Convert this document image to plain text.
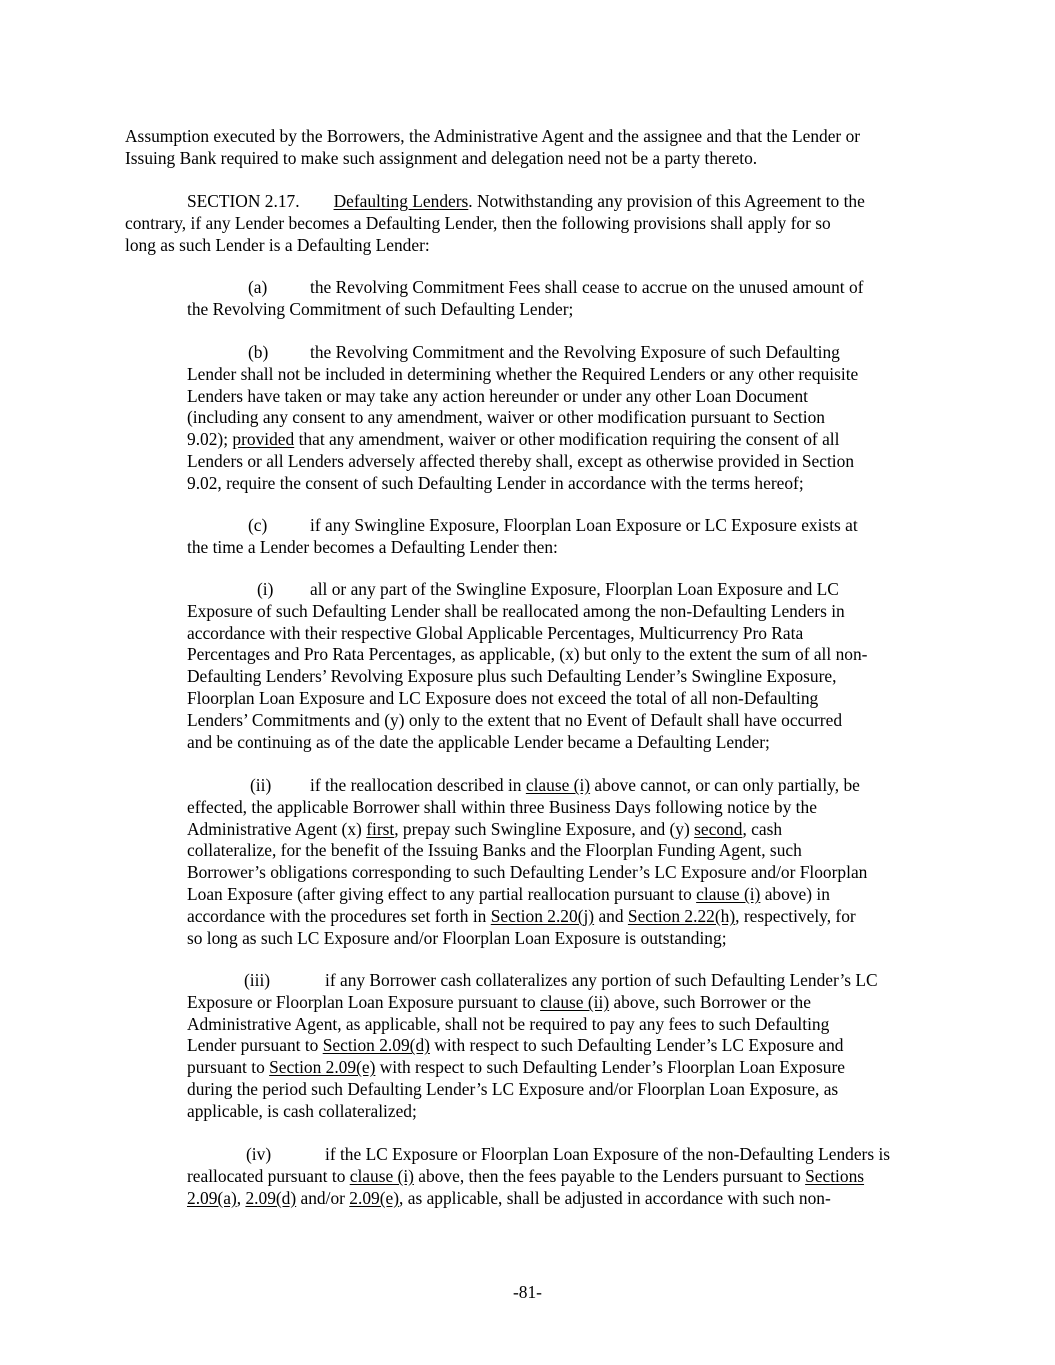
Assumption executed by the Borrowers, the Administrative Agent and the assignee and that the Lender or
Issuing Bank required to make such assignment and delegation need not be a party thereto.

SECTION 2.17. Defaulting Lenders. Notwithstanding any provision of this Agreement to the
contrary, if any Lender becomes a Defaulting Lender, then the following provisions shall apply for so
long as such Lender is a Defaulting Lender:

(a) the Revolving Commitment Fees shall cease to accrue on the unused amount of
the Revolving Commitment of such Defaulting Lender;

(b) the Revolving Commitment and the Revolving Exposure of such Defaulting
Lender shall not be included in determining whether the Required Lenders or any other requisite
Lenders have taken or may take any action hereunder or under any other Loan Document
(including any consent to any amendment, waiver or other modification pursuant to Section
9.02); provided that any amendment, waiver or other modification requiring the consent of all
Lenders or all Lenders adversely affected thereby shall, except as otherwise provided in Section
9.02, require the consent of such Defaulting Lender in accordance with the terms hereof;

(c) if any Swingline Exposure, Floorplan Loan Exposure or LC Exposure exists at
the time a Lender becomes a Defaulting Lender then:

(i) all or any part of the Swingline Exposure, Floorplan Loan Exposure and LC
Exposure of such Defaulting Lender shall be reallocated among the non-Defaulting Lenders in
accordance with their respective Global Applicable Percentages, Multicurrency Pro Rata
Percentages and Pro Rata Percentages, as applicable, (x) but only to the extent the sum of all non-
Defaulting Lenders’ Revolving Exposure plus such Defaulting Lender’s Swingline Exposure,
Floorplan Loan Exposure and LC Exposure does not exceed the total of all non-Defaulting
Lenders’ Commitments and (y) only to the extent that no Event of Default shall have occurred
and be continuing as of the date the applicable Lender became a Defaulting Lender;

(ii) if the reallocation described in clause (i) above cannot, or can only partially, be
effected, the applicable Borrower shall within three Business Days following notice by the
Administrative Agent (x) first, prepay such Swingline Exposure, and (y) second, cash
collateralize, for the benefit of the Issuing Banks and the Floorplan Funding Agent, such
Borrower’s obligations corresponding to such Defaulting Lender’s LC Exposure and/or Floorplan
Loan Exposure (after giving effect to any partial reallocation pursuant to clause (i) above) in
accordance with the procedures set forth in Section 2.20(j) and Section 2.22(h), respectively, for
so long as such LC Exposure and/or Floorplan Loan Exposure is outstanding;

(iii)	if any Borrower cash collateralizes any portion of such Defaulting Lender’s LC
Exposure or Floorplan Loan Exposure pursuant to clause (ii) above, such Borrower or the
Administrative Agent, as applicable, shall not be required to pay any fees to such Defaulting
Lender pursuant to Section 2.09(d) with respect to such Defaulting Lender’s LC Exposure and
pursuant to Section 2.09(e) with respect to such Defaulting Lender’s Floorplan Loan Exposure
during the period such Defaulting Lender’s LC Exposure and/or Floorplan Loan Exposure, as
applicable, is cash collateralized;

(iv)	if the LC Exposure or Floorplan Loan Exposure of the non-Defaulting Lenders is
reallocated pursuant to clause (i) above, then the fees payable to the Lenders pursuant to Sections
2.09(a), 2.09(d) and/or 2.09(e), as applicable, shall be adjusted in accordance with such non-

-81-
